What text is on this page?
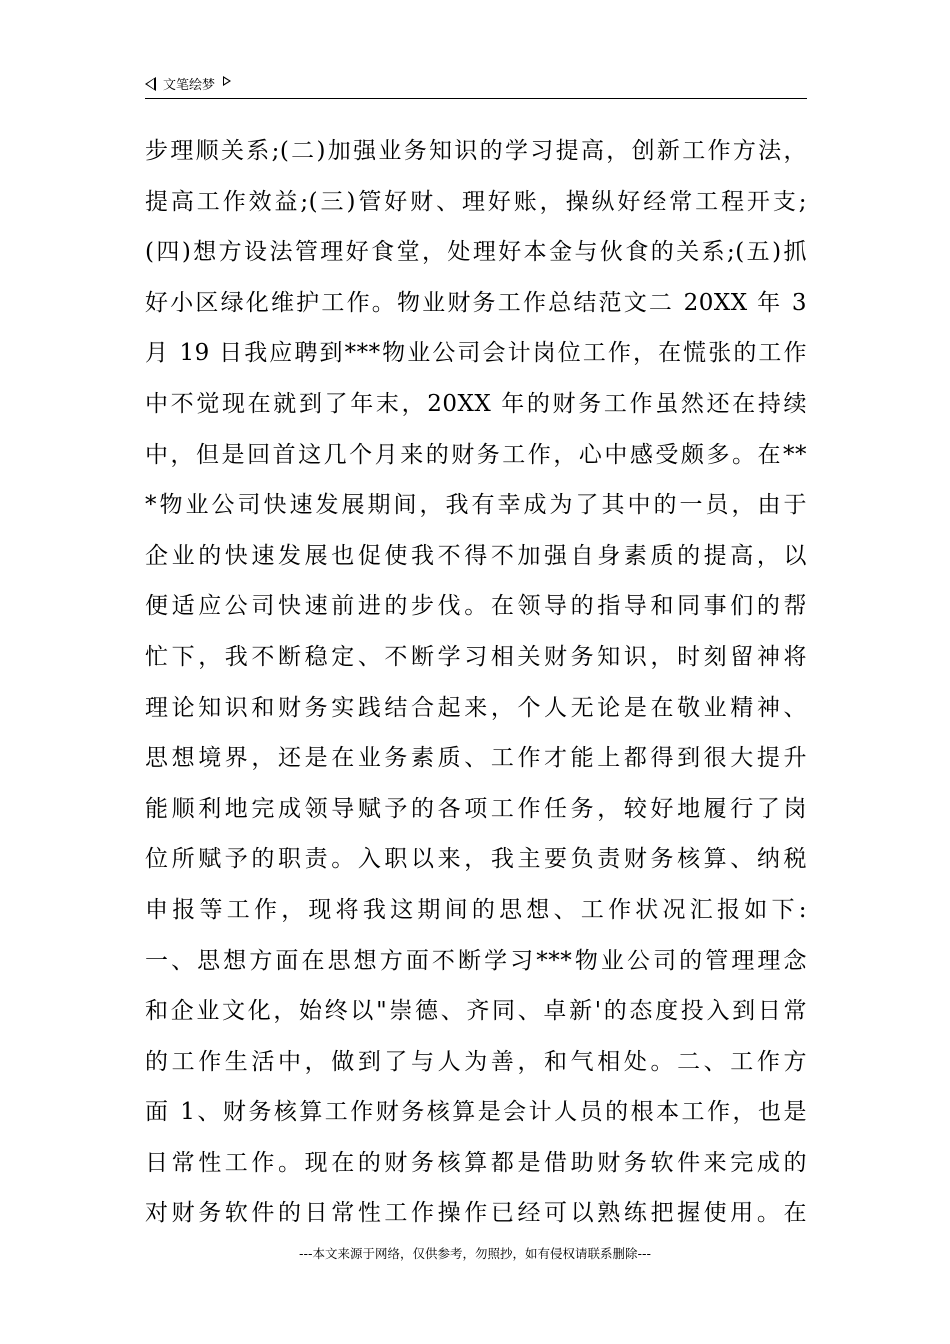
文笔绘梦
步理顺关系;(二)加强业务知识的学习提高，创新工作方法，
提高工作效益;(三)管好财、理好账，操纵好经常工程开支;
(四)想方设法管理好食堂，处理好本金与伙食的关系;(五)抓
好小区绿化维护工作。物业财务工作总结范文二 20XX 年 3
月 19 日我应聘到***物业公司会计岗位工作，在慌张的工作
中不觉现在就到了年末，20XX 年的财务工作虽然还在持续
中，但是回首这几个月来的财务工作，心中感受颇多。在**
*物业公司快速发展期间，我有幸成为了其中的一员，由于
企业的快速发展也促使我不得不加强自身素质的提高，以
便适应公司快速前进的步伐。在领导的指导和同事们的帮
忙下，我不断稳定、不断学习相关财务知识，时刻留神将
理论知识和财务实践结合起来，个人无论是在敬业精神、
思想境界，还是在业务素质、工作才能上都得到很大提升
能顺利地完成领导赋予的各项工作任务，较好地履行了岗
位所赋予的职责。入职以来，我主要负责财务核算、纳税
申报等工作，现将我这期间的思想、工作状况汇报如下:
一、思想方面在思想方面不断学习***物业公司的管理理念
和企业文化，始终以"崇德、齐同、卓新'的态度投入到日常
的工作生活中，做到了与人为善，和气相处。二、工作方
面 1、财务核算工作财务核算是会计人员的根本工作，也是
日常性工作。现在的财务核算都是借助财务软件来完成的
对财务软件的日常性工作操作已经可以熟练把握使用。在
---本文来源于网络，仅供参考，勿照抄，如有侵权请联系删除---
